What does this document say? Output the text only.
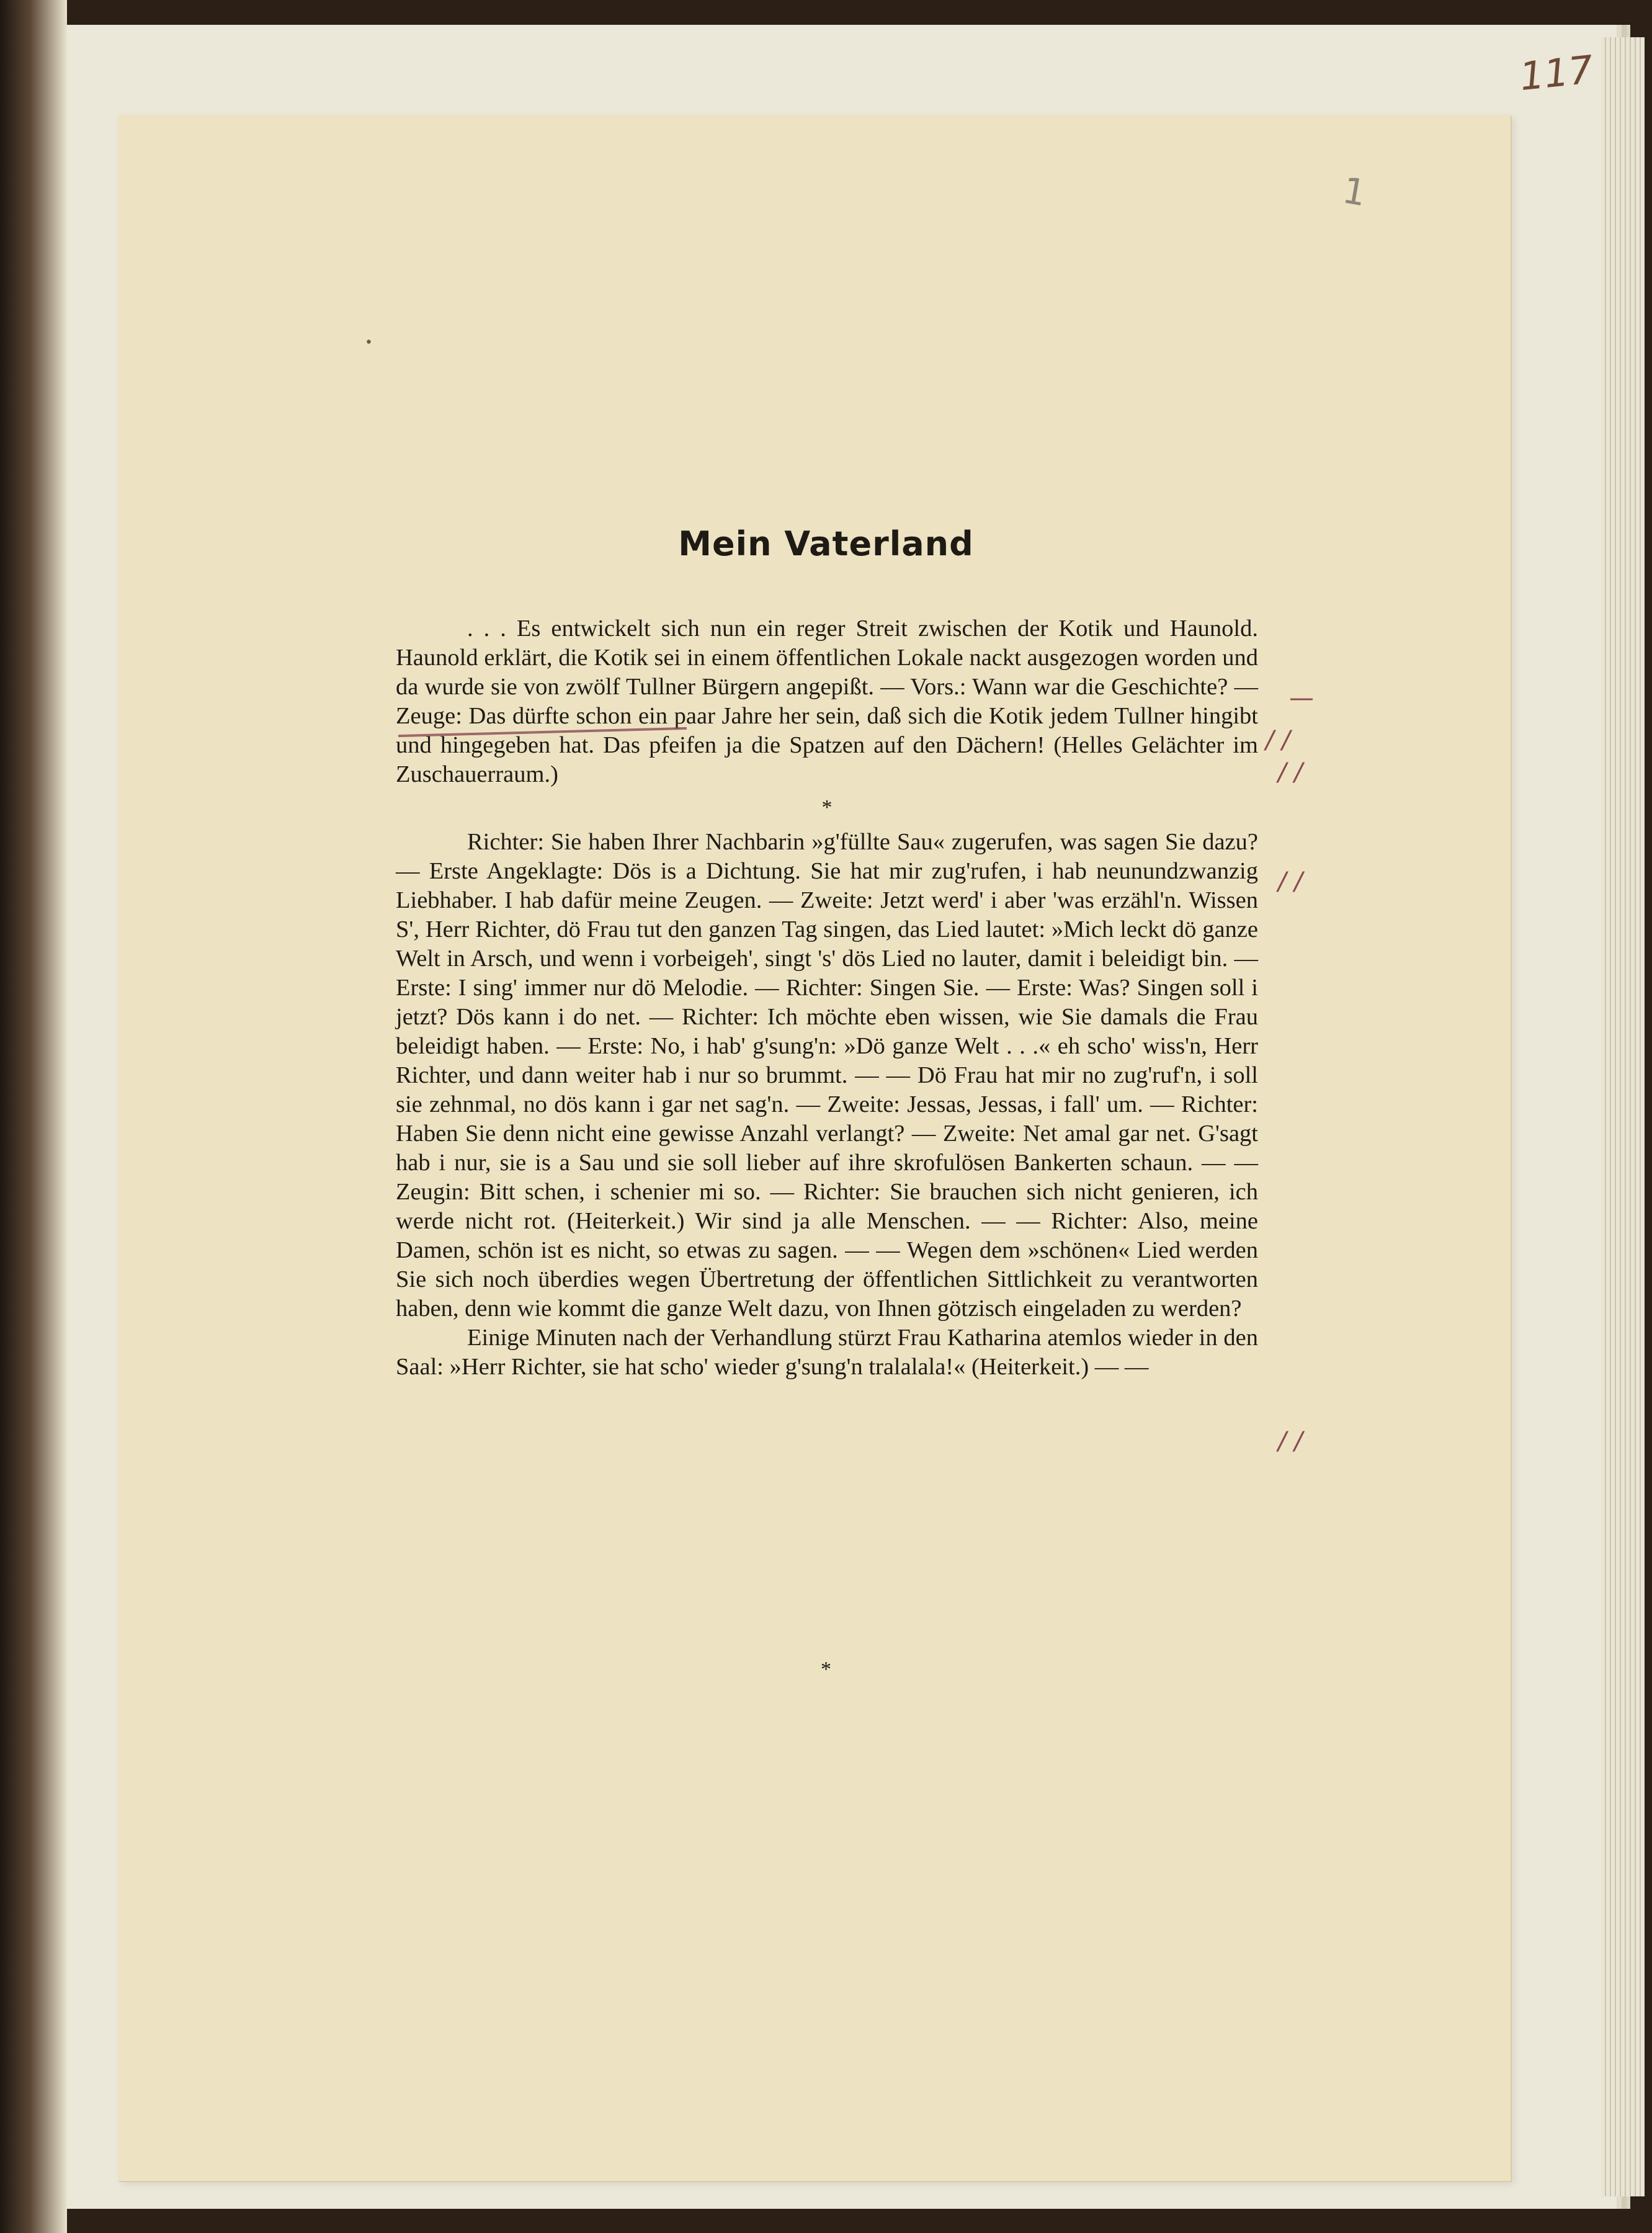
117
1
•
Mein Vaterland

. . . Es entwickelt sich nun ein reger Streit zwischen der Kotik und Haunold. Haunold erklärt, die Kotik sei in einem öffentlichen Lokale nackt ausgezogen worden und da wurde sie von zwölf Tullner Bürgern angepißt. — Vors.: Wann war die Geschichte? — Zeuge: Das dürfte schon ein paar Jahre her sein, daß sich die Kotik jedem Tullner hingibt und hingegeben hat. Das pfeifen ja die Spatzen auf den Dächern! (Helles Gelächter im Zuschauerraum.)

*

Richter: Sie haben Ihrer Nachbarin »g'füllte Sau« zugerufen, was sagen Sie dazu? — Erste Angeklagte: Dös is a Dichtung. Sie hat mir zug'rufen, i hab neunundzwanzig Liebhaber. I hab dafür meine Zeugen. — Zweite: Jetzt werd' i aber 'was erzähl'n. Wissen S', Herr Richter, dö Frau tut den ganzen Tag singen, das Lied lautet: »Mich leckt dö ganze Welt in Arsch, und wenn i vorbeigeh', singt 's' dös Lied no lauter, damit i beleidigt bin. — Erste: I sing' immer nur dö Melodie. — Richter: Singen Sie. — Erste: Was? Singen soll i jetzt? Dös kann i do net. — Richter: Ich möchte eben wissen, wie Sie damals die Frau beleidigt haben. — Erste: No, i hab' g'sung'n: »Dö ganze Welt . . .« eh scho' wiss'n, Herr Richter, und dann weiter hab i nur so brummt. — — Dö Frau hat mir no zug'ruf'n, i soll sie zehnmal, no dös kann i gar net sag'n. — Zweite: Jessas, Jessas, i fall' um. — Richter: Haben Sie denn nicht eine gewisse Anzahl verlangt? — Zweite: Net amal gar net. G'sagt hab i nur, sie is a Sau und sie soll lieber auf ihre skrofulösen Bankerten schaun. — — Zeugin: Bitt schen, i schenier mi so. — Richter: Sie brauchen sich nicht genieren, ich werde nicht rot. (Heiterkeit.) Wir sind ja alle Menschen. — — Richter: Also, meine Damen, schön ist es nicht, so etwas zu sagen. — — Wegen dem »schönen« Lied werden Sie sich noch überdies wegen Übertretung der öffentlichen Sittlichkeit zu verantworten haben, denn wie kommt die ganze Welt dazu, von Ihnen götzisch eingeladen zu werden?

Einige Minuten nach der Verhandlung stürzt Frau Katharina atemlos wieder in den Saal: »Herr Richter, sie hat scho' wieder g'sung'n tralalala!« (Heiterkeit.) — —

*
—
/ /
/ /
/ /
/ /
